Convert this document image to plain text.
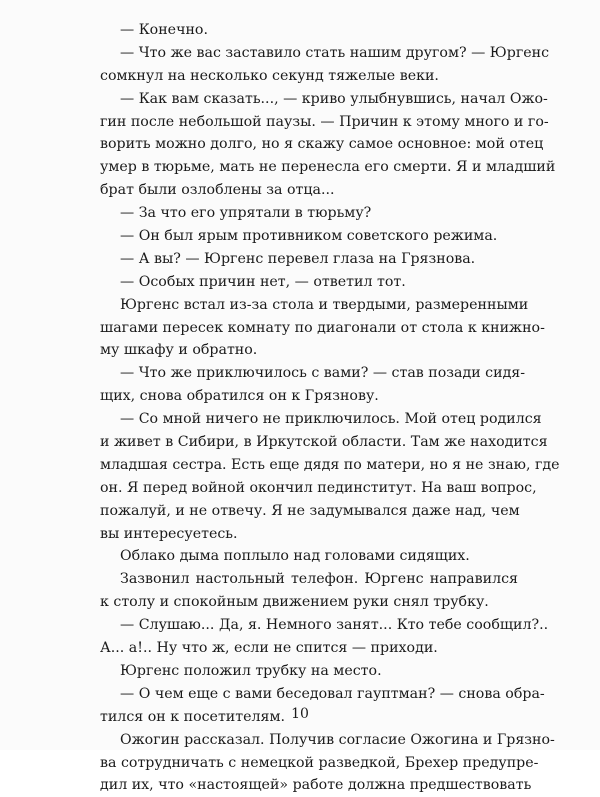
— Конечно.
— Что же вас заставило стать нашим другом? — Юргенс
сомкнул на несколько секунд тяжелые веки.
— Как вам сказать..., — криво улыбнувшись, начал Ожо-
гин после небольшой паузы. — Причин к этому много и го-
ворить можно долго, но я скажу самое основное: мой отец
умер в тюрьме, мать не перенесла его смерти. Я и младший
брат были озлоблены за отца...
— За что его упрятали в тюрьму?
— Он был ярым противником советского режима.
— А вы? — Юргенс перевел глаза на Грязнова.
— Особых причин нет, — ответил тот.
Юргенс встал из-за стола и твердыми, размеренными
шагами пересек комнату по диагонали от стола к книжно-
му шкафу и обратно.
— Что же приключилось с вами? — став позади сидя-
щих, снова обратился он к Грязнову.
— Со мной ничего не приключилось. Мой отец родился
и живет в Сибири, в Иркутской области. Там же находится
младшая сестра. Есть еще дядя по матери, но я не знаю, где
он. Я перед войной окончил пединститут. На ваш вопрос,
пожалуй, и не отвечу. Я не задумывался даже над, чем
вы интересуетесь.
Облако дыма поплыло над головами сидящих.
Зазвонил настольный телефон. Юргенс направился
к столу и спокойным движением руки снял трубку.
— Слушаю... Да, я. Немного занят... Кто тебе сообщил?..
А... а!.. Ну что ж, если не спится — приходи.
Юргенс положил трубку на место.
— О чем еще с вами беседовал гауптман? — снова обра-
тился он к посетителям.
Ожогин рассказал. Получив согласие Ожогина и Грязно-
ва сотрудничать с немецкой разведкой, Брехер предупре-
дил их, что «настоящей» работе должна предшествовать
10
